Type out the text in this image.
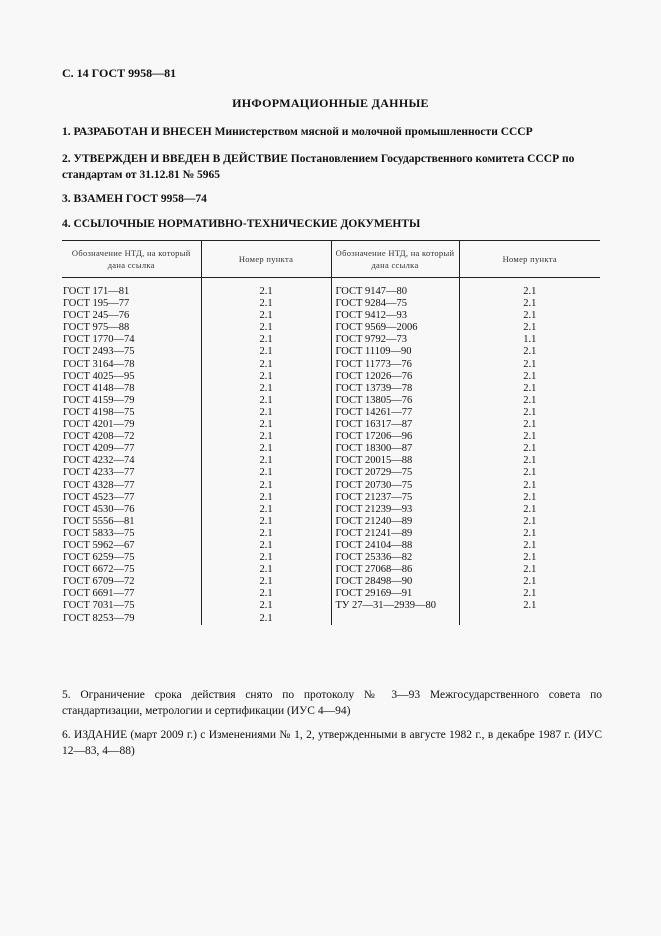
С. 14 ГОСТ 9958—81
ИНФОРМАЦИОННЫЕ ДАННЫЕ
1. РАЗРАБОТАН И ВНЕСЕН Министерством мясной и молочной промышленности СССР
2. УТВЕРЖДЕН И ВВЕДЕН В ДЕЙСТВИЕ Постановлением Государственного комитета СССР по стандартам от 31.12.81 № 5965
3. ВЗАМЕН ГОСТ 9958—74
4. ССЫЛОЧНЫЕ НОРМАТИВНО-ТЕХНИЧЕСКИЕ ДОКУМЕНТЫ
Обозначение НТД, на который дана ссылка	Номер пункта	Обозначение НТД, на который дана ссылка	Номер пункта

ГОСТ 171—81	2.1	ГОСТ 9147—80	2.1
ГОСТ 195—77	2.1	ГОСТ 9284—75	2.1
ГОСТ 245—76	2.1	ГОСТ 9412—93	2.1
ГОСТ 975—88	2.1	ГОСТ 9569—2006	2.1
ГОСТ 1770—74	2.1	ГОСТ 9792—73	1.1
ГОСТ 2493—75	2.1	ГОСТ 11109—90	2.1
ГОСТ 3164—78	2.1	ГОСТ 11773—76	2.1
ГОСТ 4025—95	2.1	ГОСТ 12026—76	2.1
ГОСТ 4148—78	2.1	ГОСТ 13739—78	2.1
ГОСТ 4159—79	2.1	ГОСТ 13805—76	2.1
ГОСТ 4198—75	2.1	ГОСТ 14261—77	2.1
ГОСТ 4201—79	2.1	ГОСТ 16317—87	2.1
ГОСТ 4208—72	2.1	ГОСТ 17206—96	2.1
ГОСТ 4209—77	2.1	ГОСТ 18300—87	2.1
ГОСТ 4232—74	2.1	ГОСТ 20015—88	2.1
ГОСТ 4233—77	2.1	ГОСТ 20729—75	2.1
ГОСТ 4328—77	2.1	ГОСТ 20730—75	2.1
ГОСТ 4523—77	2.1	ГОСТ 21237—75	2.1
ГОСТ 4530—76	2.1	ГОСТ 21239—93	2.1
ГОСТ 5556—81	2.1	ГОСТ 21240—89	2.1
ГОСТ 5833—75	2.1	ГОСТ 21241—89	2.1
ГОСТ 5962—67	2.1	ГОСТ 24104—88	2.1
ГОСТ 6259—75	2.1	ГОСТ 25336—82	2.1
ГОСТ 6672—75	2.1	ГОСТ 27068—86	2.1
ГОСТ 6709—72	2.1	ГОСТ 28498—90	2.1
ГОСТ 6691—77	2.1	ГОСТ 29169—91	2.1
ГОСТ 7031—75	2.1	ТУ 27—31—2939—80	2.1
ГОСТ 8253—79	2.1		
5. Ограничение срока действия снято по протоколу № 3—93 Межгосударственного совета по стандартизации, метрологии и сертификации (ИУС 4—94)
6. ИЗДАНИЕ (март 2009 г.) с Изменениями № 1, 2, утвержденными в августе 1982 г., в декабре 1987 г. (ИУС 12—83, 4—88)
